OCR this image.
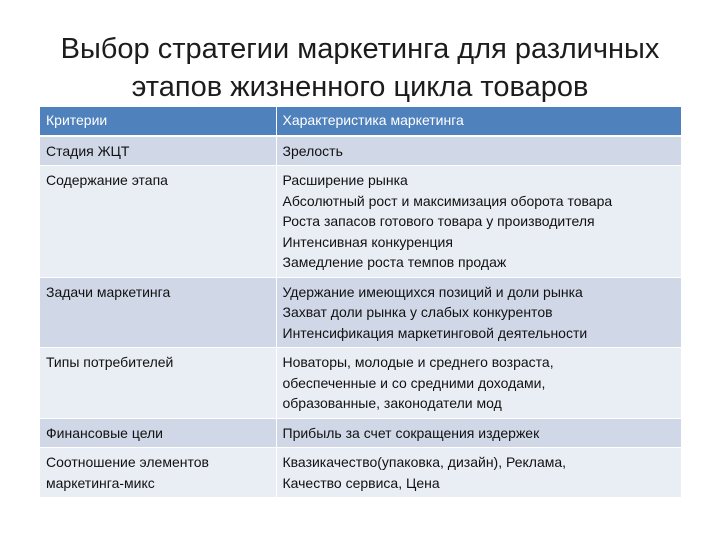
Выбор стратегии маркетинга для различных
этапов жизненного цикла товаров
Критерии	Характеристика маркетинга

Стадия ЖЦТ	Зрелость

Содержание этапа	Расширение рынка
Абсолютный рост и максимизация оборота товара
Роста запасов готового товара у производителя
Интенсивная конкуренция
Замедление роста темпов продаж

Задачи маркетинга	Удержание имеющихся позиций и доли рынка
Захват доли рынка у слабых конкурентов
Интенсификация маркетинговой деятельности

Типы потребителей	Новаторы, молодые и среднего возраста,
обеспеченные и со средними доходами,
образованные, законодатели мод

Финансовые цели	Прибыль за счет сокращения издержек

Соотношение элементов
маркетинга-микс	Квазикачество(упаковка, дизайн), Реклама,
Качество сервиса, Цена
